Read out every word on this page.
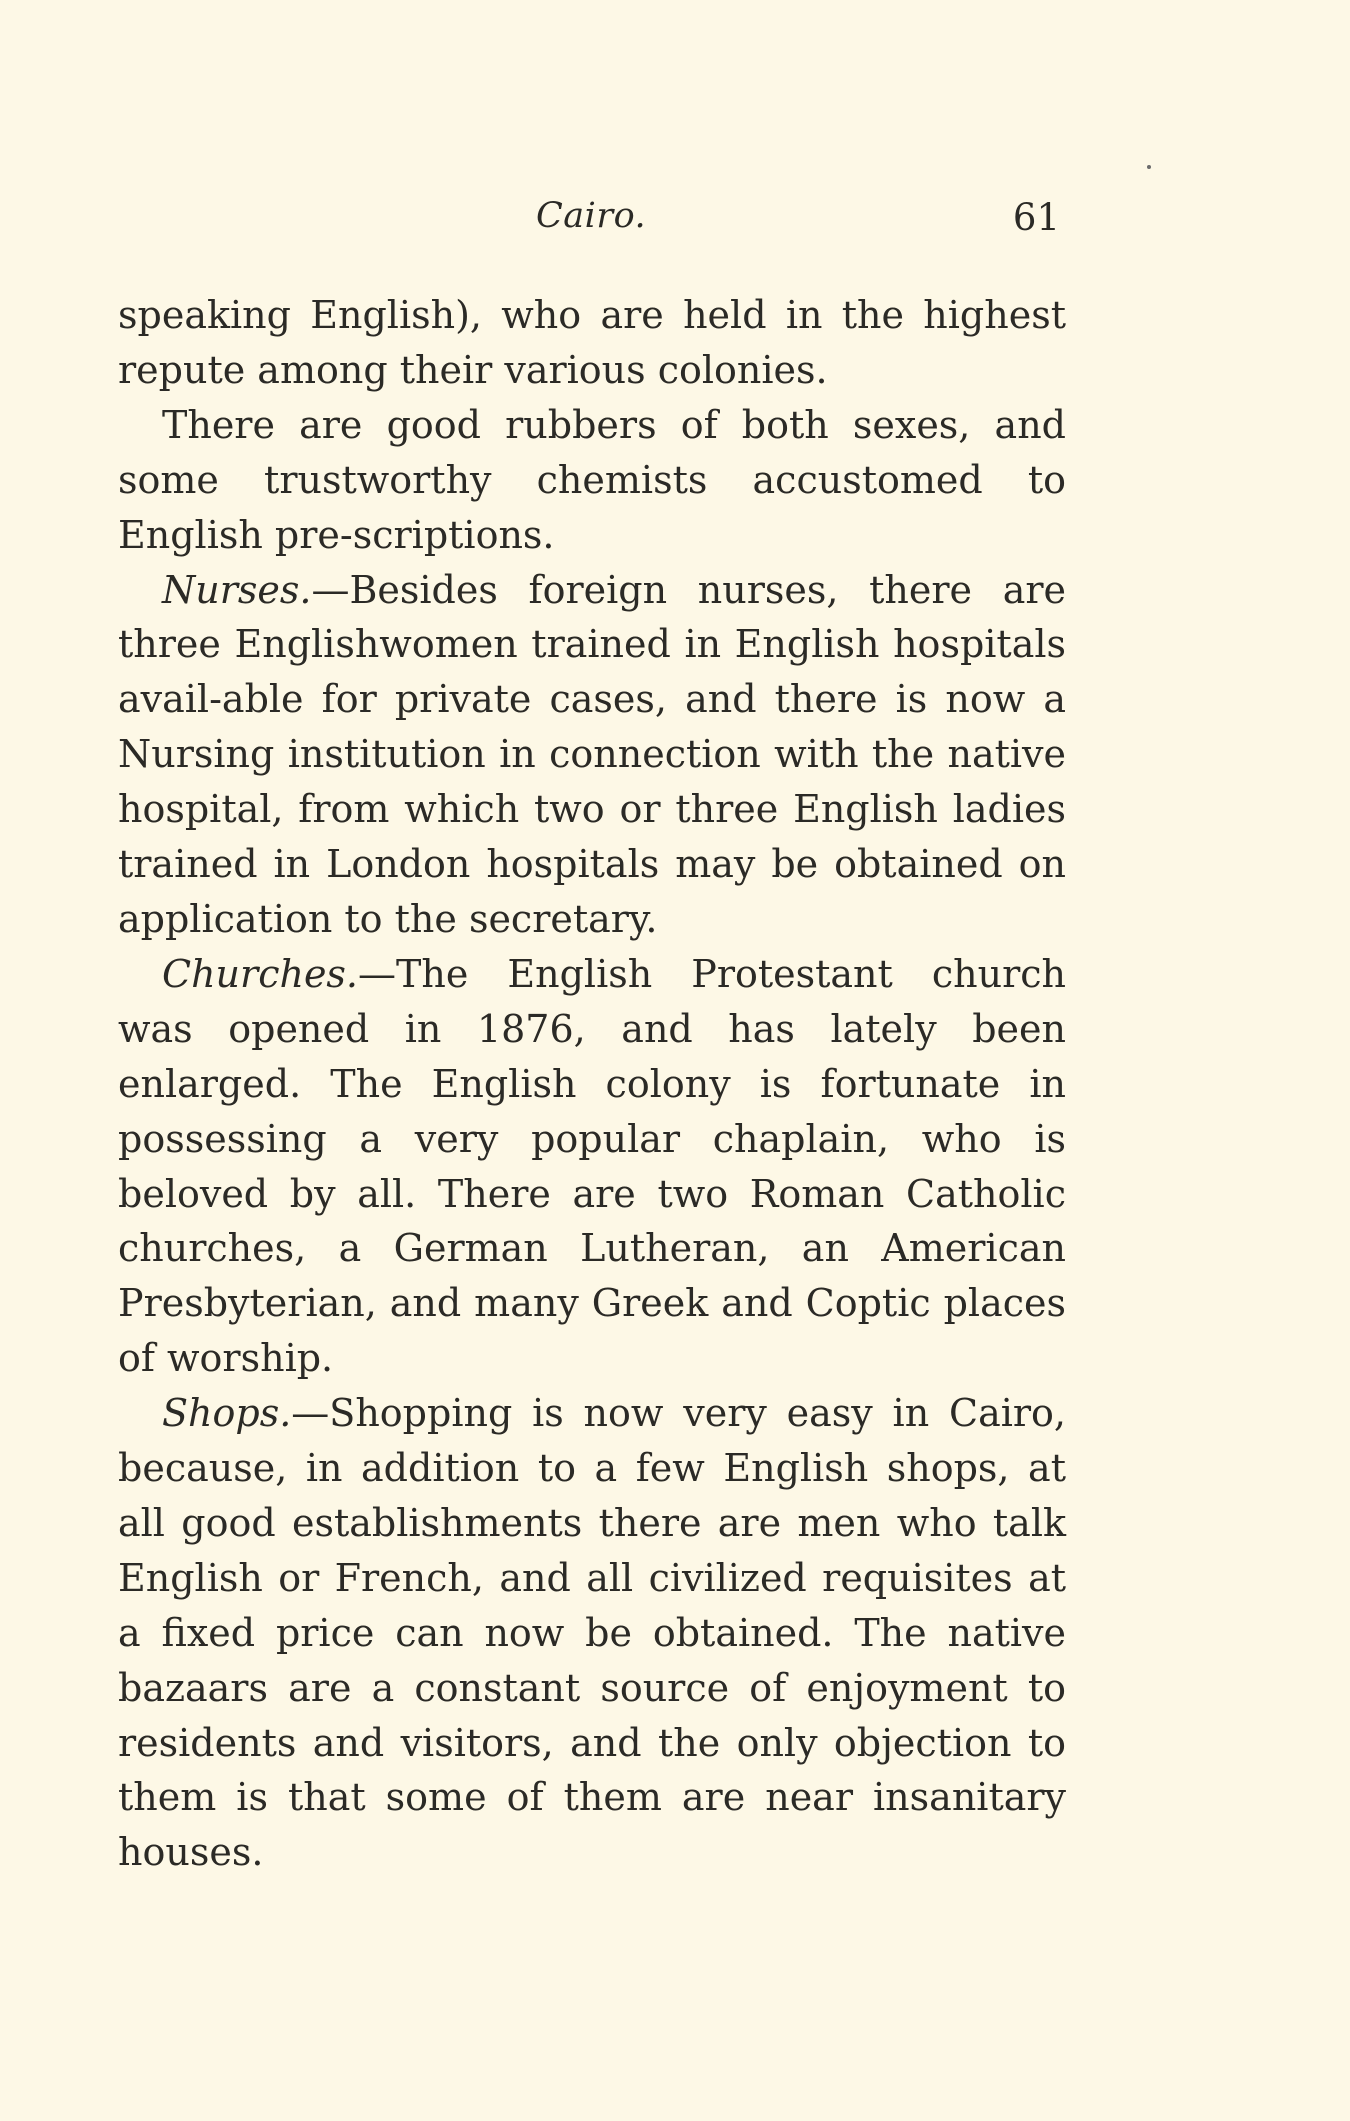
Cairo.	61

speaking English), who are held in the highest repute among their various colonies.

There are good rubbers of both sexes, and some trustworthy chemists accustomed to English pre-scriptions.

Nurses.—Besides foreign nurses, there are three Englishwomen trained in English hospitals avail-able for private cases, and there is now a Nursing institution in connection with the native hospital, from which two or three English ladies trained in London hospitals may be obtained on application to the secretary.

Churches.—The English Protestant church was opened in 1876, and has lately been enlarged. The English colony is fortunate in possessing a very popular chaplain, who is beloved by all. There are two Roman Catholic churches, a German Lutheran, an American Presbyterian, and many Greek and Coptic places of worship.

Shops.—Shopping is now very easy in Cairo, because, in addition to a few English shops, at all good establishments there are men who talk English or French, and all civilized requisites at a fixed price can now be obtained. The native bazaars are a constant source of enjoyment to residents and visitors, and the only objection to them is that some of them are near insanitary houses.
